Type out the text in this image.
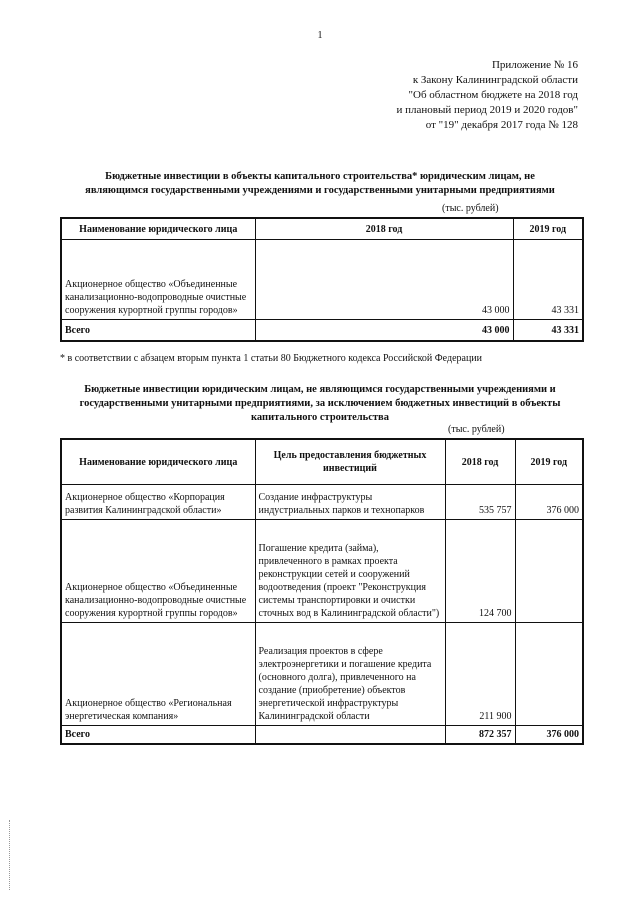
1
Приложение № 16
к Закону Калининградской области
"Об областном бюджете на 2018 год
и плановый период 2019 и 2020 годов"
от "19" декабря 2017 года № 128
Бюджетные инвестиции в объекты капитального строительства* юридическим лицам, не
являющимся государственными учреждениями и государственными унитарными предприятиями
(тыс. рублей)
Наименование юридического лица	2018 год	2019 год
Акционерное общество «Объединенные канализационно-водопроводные очистные сооружения курортной группы городов»	43 000	43 331
Всего	43 000	43 331
* в соответствии с абзацем вторым пункта 1 статьи 80 Бюджетного кодекса Российской Федерации
Бюджетные инвестиции юридическим лицам, не являющимся государственными учреждениями и
государственными унитарными предприятиями, за исключением бюджетных инвестиций в объекты
капитального строительства
(тыс. рублей)
Наименование юридического лица	Цель предоставления бюджетных инвестиций	2018 год	2019 год
Акционерное общество «Корпорация развития Калининградской области»	Создание инфраструктуры индустриальных парков и технопарков	535 757	376 000
Акционерное общество «Объединенные канализационно-водопроводные очистные сооружения курортной группы городов»	Погашение кредита (займа), привлеченного в рамках проекта реконструкции сетей и сооружений водоотведения (проект "Реконструкция системы транспортировки и очистки сточных вод в Калининградской области")	124 700	
Акционерное общество «Региональная энергетическая компания»	Реализация проектов в сфере электроэнергетики и погашение кредита (основного долга), привлеченного на создание (приобретение) объектов энергетической инфраструктуры Калининградской области	211 900	
Всего		872 357	376 000
